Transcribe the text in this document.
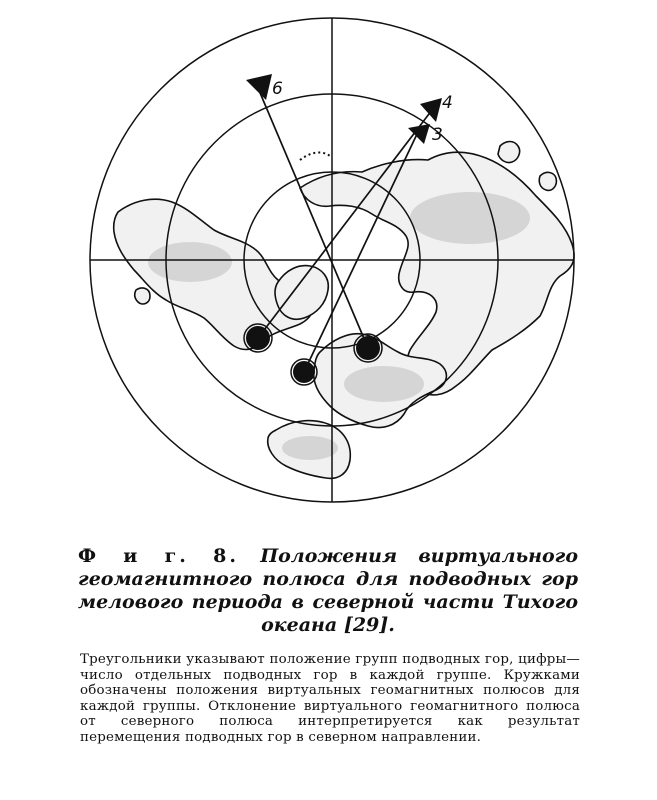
6
4
3
Ф и г. 8. Положения виртуального геомагнитного полюса для подводных гор мелового периода в северной части Тихого океана [29].
Треугольники указывают положение групп подводных гор, цифры—число отдельных подводных гор в каждой группе. Кружками обозначены положения виртуальных геомагнитных полюсов для каждой группы. Отклонение виртуального геомагнитного полюса от северного полюса интерпретируется как результат перемещения подводных гор в северном направлении.
